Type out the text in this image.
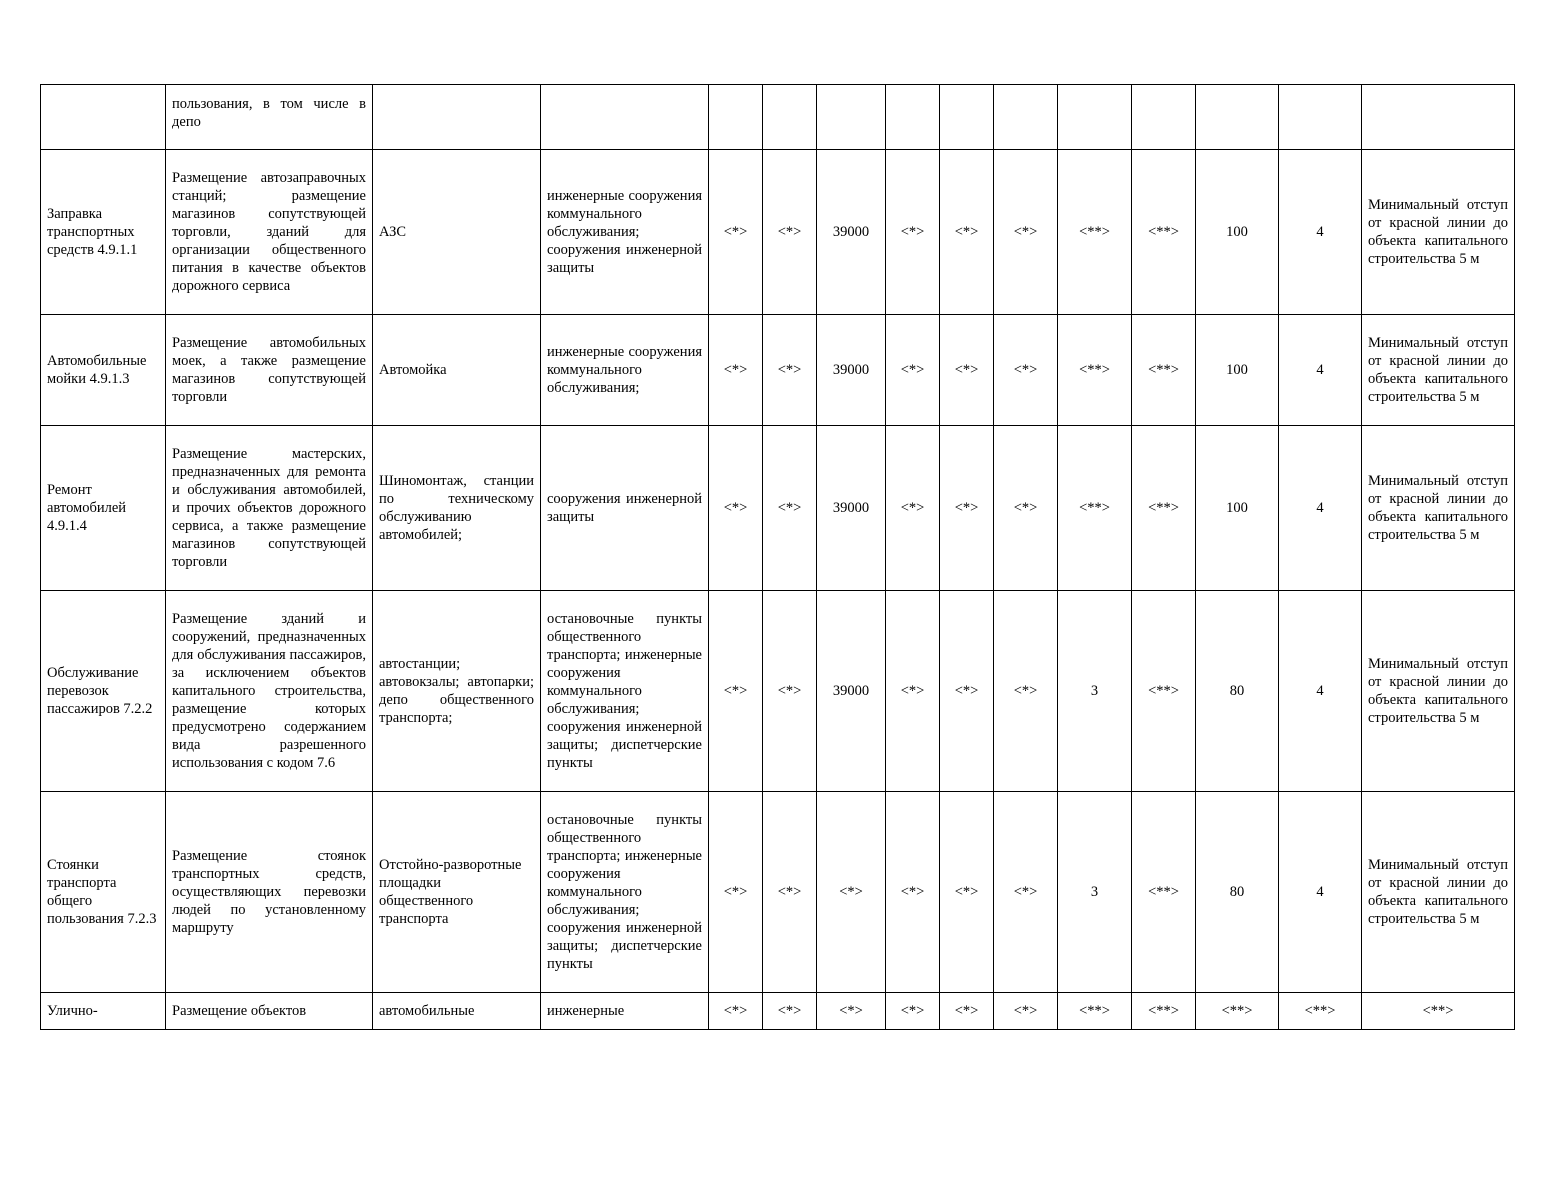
	пользования, в том числе в депо													
Заправка транспортных средств 4.9.1.1	Размещение автозаправочных станций; размещение магазинов сопутствующей торговли, зданий для организации общественного питания в качестве объектов дорожного сервиса	АЗС	инженерные сооружения коммунального обслуживания; сооружения инженерной защиты	<*>	<*>	39000	<*>	<*>	<*>	<**>	<**>	100	4	Минимальный отступ от красной линии до объекта капитального строительства 5 м
Автомобильные мойки 4.9.1.3	Размещение автомобильных моек, а также размещение магазинов сопутствующей торговли	Автомойка	инженерные сооружения коммунального обслуживания;	<*>	<*>	39000	<*>	<*>	<*>	<**>	<**>	100	4	Минимальный отступ от красной линии до объекта капитального строительства 5 м
Ремонт автомобилей 4.9.1.4	Размещение мастерских, предназначенных для ремонта и обслуживания автомобилей, и прочих объектов дорожного сервиса, а также размещение магазинов сопутствующей торговли	Шиномонтаж, станции по техническому обслуживанию автомобилей;	сооружения инженерной защиты	<*>	<*>	39000	<*>	<*>	<*>	<**>	<**>	100	4	Минимальный отступ от красной линии до объекта капитального строительства 5 м
Обслуживание перевозок пассажиров 7.2.2	Размещение зданий и сооружений, предназначенных для обслуживания пассажиров, за исключением объектов капитального строительства, размещение которых предусмотрено содержанием вида разрешенного использования с кодом 7.6	автостанции; автовокзалы; автопарки; депо общественного транспорта;	остановочные пункты общественного транспорта; инженерные сооружения коммунального обслуживания; сооружения инженерной защиты; диспетчерские пункты	<*>	<*>	39000	<*>	<*>	<*>	3	<**>	80	4	Минимальный отступ от красной линии до объекта капитального строительства 5 м
Стоянки транспорта общего пользования 7.2.3	Размещение стоянок транспортных средств, осуществляющих перевозки людей по установленному маршруту	Отстойно-разворотные площадки общественного транспорта	остановочные пункты общественного транспорта; инженерные сооружения коммунального обслуживания; сооружения инженерной защиты; диспетчерские пункты	<*>	<*>	<*>	<*>	<*>	<*>	3	<**>	80	4	Минимальный отступ от красной линии до объекта капитального строительства 5 м
Улично-	Размещение объектов	автомобильные	инженерные	<*>	<*>	<*>	<*>	<*>	<*>	<**>	<**>	<**>	<**>	<**>
